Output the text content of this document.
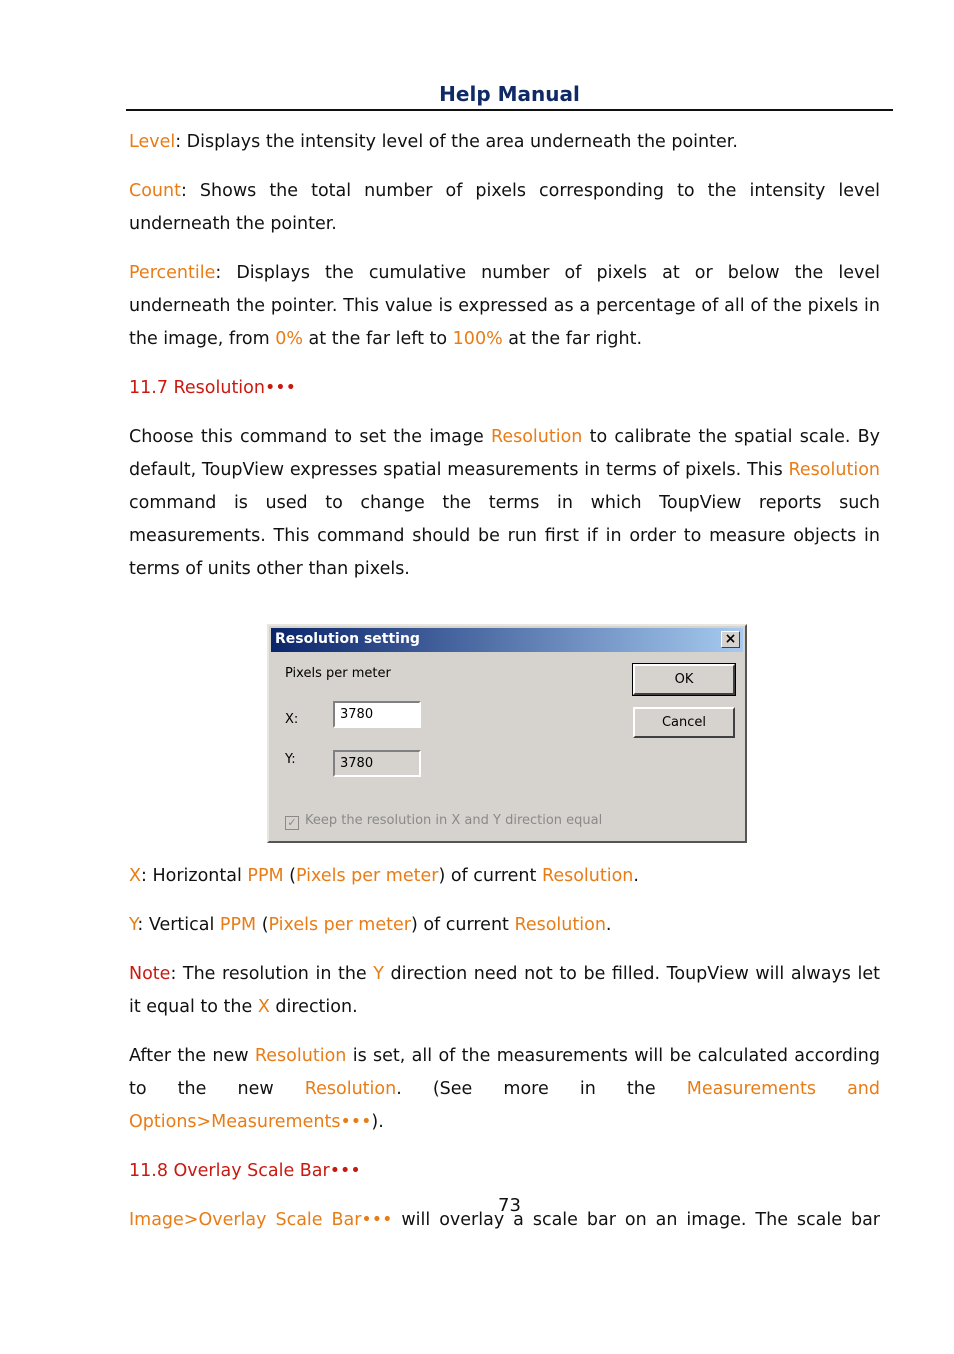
Help Manual

Level: Displays the intensity level of the area underneath the pointer.

Count: Shows the total number of pixels corresponding to the intensity level underneath the pointer.

Percentile: Displays the cumulative number of pixels at or below the level underneath the pointer. This value is expressed as a percentage of all of the pixels in the image, from 0% at the far left to 100% at the far right.

11.7 Resolution•••

Choose this command to set the image Resolution to calibrate the spatial scale. By default, ToupView expresses spatial measurements in terms of pixels. This Resolution command is used to change the terms in which ToupView reports such measurements. This command should be run first if in order to measure objects in terms of units other than pixels.

Resolution setting	×
Pixels per meter
X:	3780
Y:	3780
OK
Cancel
✓ Keep the resolution in X and Y direction equal

X: Horizontal PPM (Pixels per meter) of current Resolution.

Y: Vertical PPM (Pixels per meter) of current Resolution.

Note: The resolution in the Y direction need not to be filled. ToupView will always let it equal to the X direction.

After the new Resolution is set, all of the measurements will be calculated according to the new Resolution. (See more in the Measurements and Options>Measurements•••).

11.8 Overlay Scale Bar•••

Image>Overlay Scale Bar••• will overlay a scale bar on an image. The scale bar

73
